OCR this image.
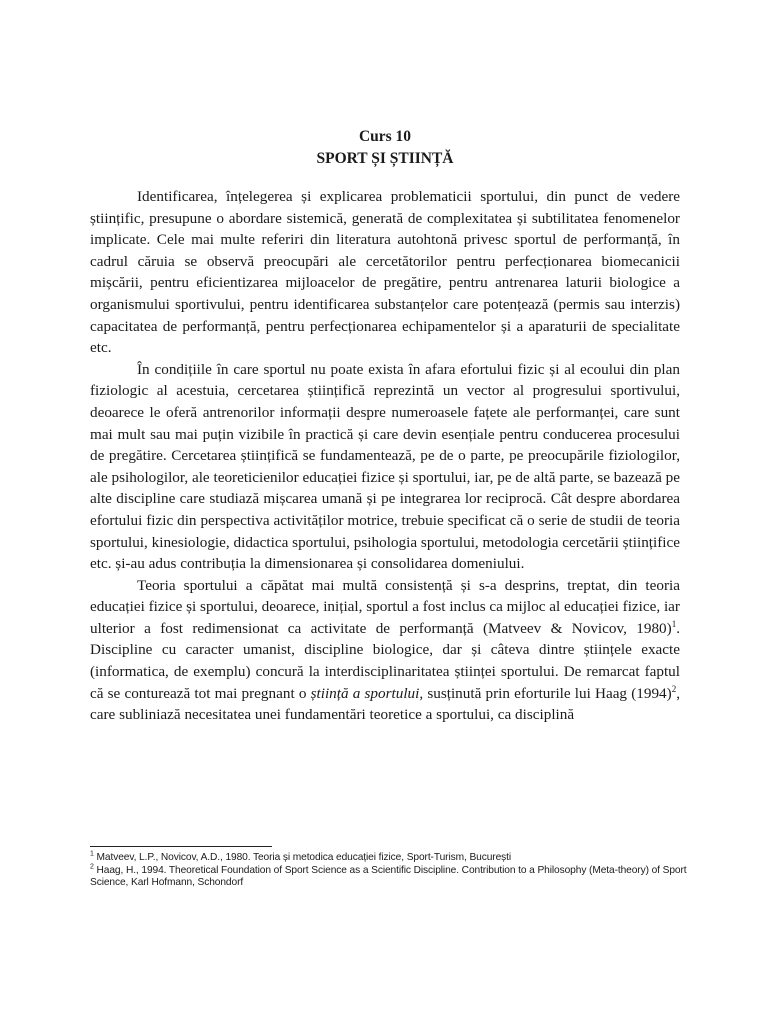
Curs 10

SPORT ȘI ȘTIINȚĂ

Identificarea, înțelegerea și explicarea problematicii sportului, din punct de vedere științific, presupune o abordare sistemică, generată de complexitatea și subtilitatea fenomenelor implicate. Cele mai multe referiri din literatura autohtonă privesc sportul de performanță, în cadrul căruia se observă preocupări ale cercetătorilor pentru perfecționarea biomecanicii mișcării, pentru eficientizarea mijloacelor de pregătire, pentru antrenarea laturii biologice a organismului sportivului, pentru identificarea substanțelor care potențează (permis sau interzis) capacitatea de performanță, pentru perfecționarea echipamentelor și a aparaturii de specialitate etc.

În condițiile în care sportul nu poate exista în afara efortului fizic și al ecoului din plan fiziologic al acestuia, cercetarea științifică reprezintă un vector al progresului sportivului, deoarece le oferă antrenorilor informații despre numeroasele fațete ale performanței, care sunt mai mult sau mai puțin vizibile în practică și care devin esențiale pentru conducerea procesului de pregătire. Cercetarea științifică se fundamentează, pe de o parte, pe preocupările fiziologilor, ale psihologilor, ale teoreticienilor educației fizice și sportului, iar, pe de altă parte, se bazează pe alte discipline care studiază mișcarea umană și pe integrarea lor reciprocă. Cât despre abordarea efortului fizic din perspectiva activităților motrice, trebuie specificat că o serie de studii de teoria sportului, kinesiologie, didactica sportului, psihologia sportului, metodologia cercetării științifice etc. și-au adus contribuția la dimensionarea și consolidarea domeniului.

Teoria sportului a căpătat mai multă consistență și s-a desprins, treptat, din teoria educației fizice și sportului, deoarece, inițial, sportul a fost inclus ca mijloc al educației fizice, iar ulterior a fost redimensionat ca activitate de performanță (Matveev & Novicov, 1980)$^1$. Discipline cu caracter umanist, discipline biologice, dar și câteva dintre științele exacte (informatica, de exemplu) concură la interdisciplinaritatea științei sportului. De remarcat faptul că se conturează tot mai pregnant o știință a sportului, susținută prin eforturile lui Haag $(1994)^2$, care subliniază necesitatea unei fundamentări teoretice a sportului, ca disciplină

$^1$ Matveev, L.P., Novicov, A.D., 1980. Teoria și metodica educației fizice, Sport-Turism, București

$^2$ Haag, H., 1994. Theoretical Foundation of Sport Science as a Scientific Discipline. Contribution to a Philosophy (Meta-theory) of Sport Science, Karl Hofmann, Schondorf
